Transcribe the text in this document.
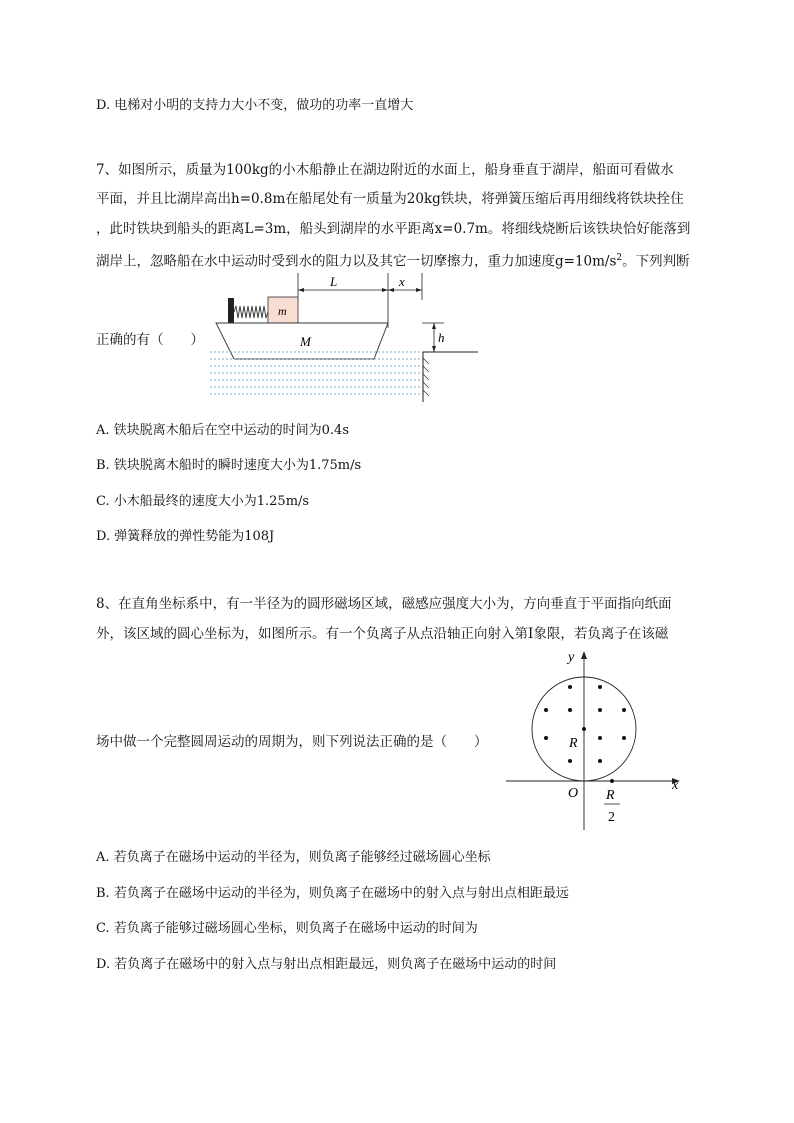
D. 电梯对小明的支持力大小不变，做功的功率一直增大
7、如图所示，质量为100kg的小木船静止在湖边附近的水面上，船身垂直于湖岸，船面可看做水
平面，并且比湖岸高出h=0.8m在船尾处有一质量为20kg铁块，将弹簧压缩后再用细线将铁块拴住
，此时铁块到船头的距离L=3m，船头到湖岸的水平距离x=0.7m。将细线烧断后该铁块恰好能落到
湖岸上，忽略船在水中运动时受到水的阻力以及其它一切摩擦力，重力加速度$g=10m/s^2$。下列判断
正确的有（　　）
L	x
m
M	h
A. 铁块脱离木船后在空中运动的时间为0.4s
B. 铁块脱离木船时的瞬时速度大小为1.75m/s
C. 小木船最终的速度大小为1.25m/s
D. 弹簧释放的弹性势能为108J
8、在直角坐标系中，有一半径为的圆形磁场区域，磁感应强度大小为，方向垂直于平面指向纸面
外，该区域的圆心坐标为，如图所示。有一个负离子从点沿轴正向射入第Ⅰ象限，若负离子在该磁
场中做一个完整圆周运动的周期为，则下列说法正确的是（　　）
y
x
O
R
R
2
A. 若负离子在磁场中运动的半径为，则负离子能够经过磁场圆心坐标
B. 若负离子在磁场中运动的半径为，则负离子在磁场中的射入点与射出点相距最远
C. 若负离子能够过磁场圆心坐标，则负离子在磁场中运动的时间为
D. 若负离子在磁场中的射入点与射出点相距最远，则负离子在磁场中运动的时间
